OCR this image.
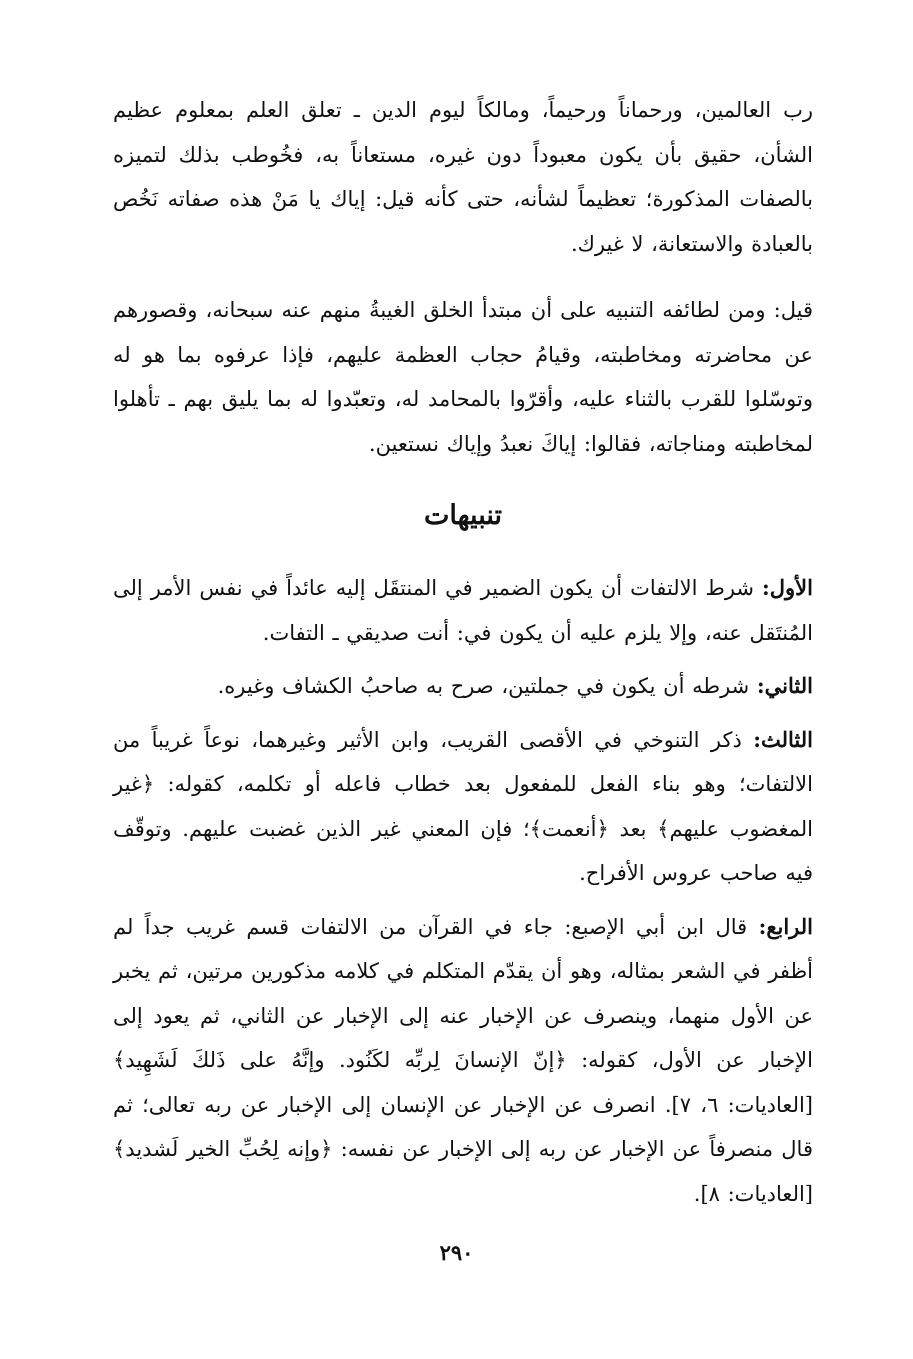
رب العالمين، ورحماناً ورحيماً، ومالكاً ليوم الدين ـ تعلق العلم بمعلوم عظيم الشأن، حقيق بأن يكون معبوداً دون غيره، مستعاناً به، فخُوطب بذلك لتميزه بالصفات المذكورة؛ تعظيماً لشأنه، حتى كأنه قيل: إياك يا مَنْ هذه صفاته نَخُص بالعبادة والاستعانة، لا غيرك.

قيل: ومن لطائفه التنبيه على أن مبتدأ الخلق الغيبةُ منهم عنه سبحانه، وقصورهم عن محاضرته ومخاطبته، وقيامُ حجاب العظمة عليهم، فإذا عرفوه بما هو له وتوسّلوا للقرب بالثناء عليه، وأقرّوا بالمحامد له، وتعبّدوا له بما يليق بهم ـ تأهلوا لمخاطبته ومناجاته، فقالوا: إياكَ نعبدُ وإياك نستعين.

تنبيهات

الأول: شرط الالتفات أن يكون الضمير في المنتقَل إليه عائداً في نفس الأمر إلى المُنتَقل عنه، وإلا يلزم عليه أن يكون في: أنت صديقي ـ التفات.

الثاني: شرطه أن يكون في جملتين، صرح به صاحبُ الكشاف وغيره.

الثالث: ذكر التنوخي في الأقصى القريب، وابن الأثير وغيرهما، نوعاً غريباً من الالتفات؛ وهو بناء الفعل للمفعول بعد خطاب فاعله أو تكلمه، كقوله: ﴿غير المغضوب عليهم﴾ بعد ﴿أنعمت﴾؛ فإن المعني غير الذين غضبت عليهم. وتوقّف فيه صاحب عروس الأفراح.

الرابع: قال ابن أبي الإصبع: جاء في القرآن من الالتفات قسم غريب جداً لم أظفر في الشعر بمثاله، وهو أن يقدّم المتكلم في كلامه مذكورين مرتين، ثم يخبر عن الأول منهما، وينصرف عن الإخبار عنه إلى الإخبار عن الثاني، ثم يعود إلى الإخبار عن الأول، كقوله: ﴿إنّ الإنسانَ لِربِّه لكَنُود. وإنَّهُ على ذَلكَ لَشَهِيد﴾ [العاديات: ٦، ٧]. انصرف عن الإخبار عن الإنسان إلى الإخبار عن ربه تعالى؛ ثم قال منصرفاً عن الإخبار عن ربه إلى الإخبار عن نفسه: ﴿وإنه لِحُبِّ الخير لَشديد﴾ [العاديات: ٨].

٢٩٠
